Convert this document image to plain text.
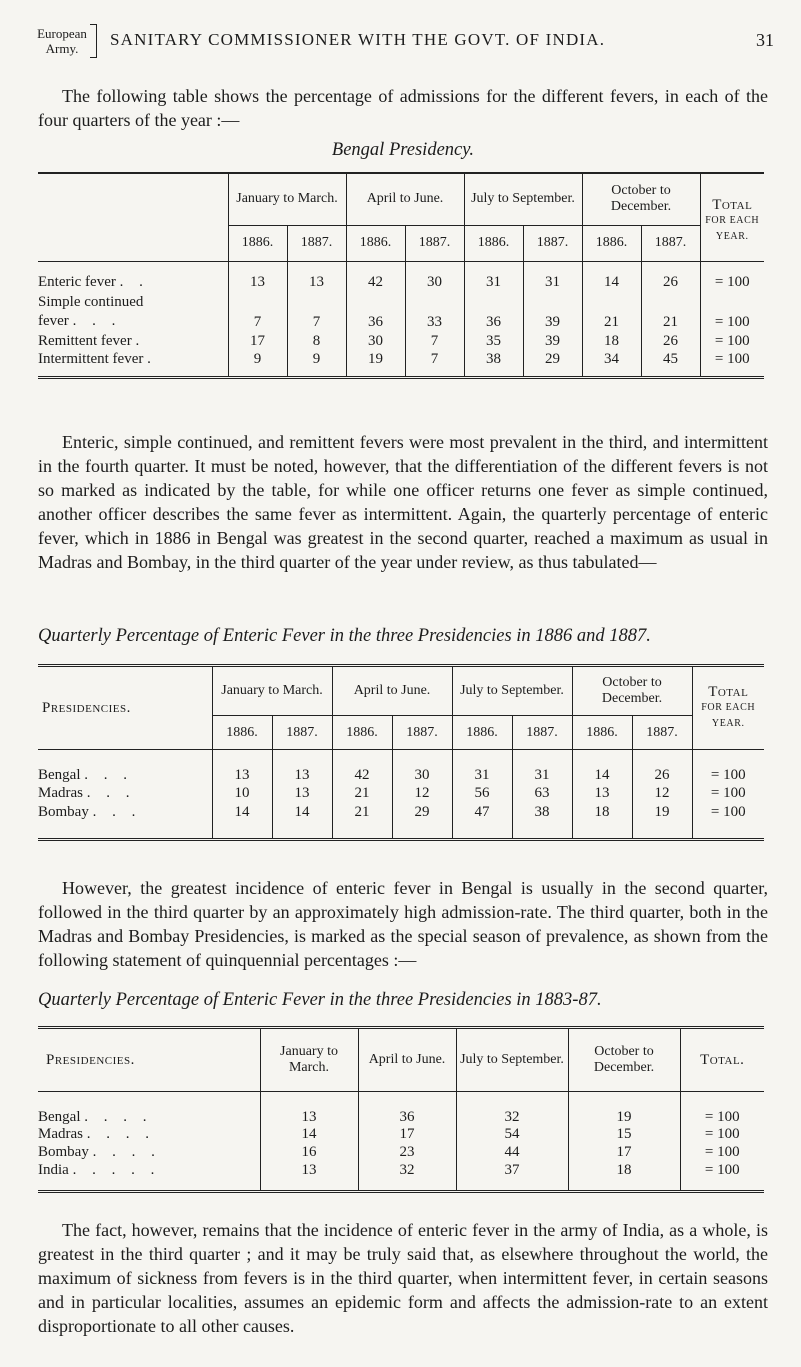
European
Army.	SANITARY COMMISSIONER WITH THE GOVT. OF INDIA.	31

The following table shows the percentage of admissions for the different fevers, in each of the four quarters of the year :—

Bengal Presidency.
	January to March.		April to June.		July to September.		October to December.		Total
FOR EACH YEAR.
	1886.	1887.	1886.	1887.	1886.	1887.	1886.	1887.	
Enteric fever . .	13	13	42	30	31	31	14	26	= 100
Simple continued
fever . . .	7	7	36	33	36	39	21	21	= 100
Remittent fever .	17	8	30	7	35	39	18	26	= 100
Intermittent fever .	9	9	19	7	38	29	34	45	= 100

Enteric, simple continued, and remittent fevers were most prevalent in the third, and intermittent in the fourth quarter. It must be noted, however, that the differentiation of the different fevers is not so marked as indicated by the table, for while one officer returns one fever as simple continued, another officer describes the same fever as intermittent. Again, the quarterly percentage of enteric fever, which in 1886 in Bengal was greatest in the second quarter, reached a maximum as usual in Madras and Bombay, in the third quarter of the year under review, as thus tabulated—

Quarterly Percentage of Enteric Fever in the three Presidencies in 1886 and 1887.
Presidencies.	January to March.		April to June.		July to September.		October to December.		Total
FOR EACH YEAR.
	1886.	1887.	1886.	1887.	1886.	1887.	1886.	1887.	
Bengal . . .	13	13	42	30	31	31	14	26	= 100
Madras . . .	10	13	21	12	56	63	13	12	= 100
Bombay . . .	14	14	21	29	47	38	18	19	= 100

However, the greatest incidence of enteric fever in Bengal is usually in the second quarter, followed in the third quarter by an approximately high admission-rate. The third quarter, both in the Madras and Bombay Presidencies, is marked as the special season of prevalence, as shown from the following statement of quinquennial percentages :—

Quarterly Percentage of Enteric Fever in the three Presidencies in 1883-87.
Presidencies.	January to March.	April to June.	July to September.	October to December.	Total.
Bengal . . . .	13	36	32	19	= 100
Madras . . . .	14	17	54	15	= 100
Bombay . . . .	16	23	44	17	= 100
India . . . . .	13	32	37	18	= 100

The fact, however, remains that the incidence of enteric fever in the army of India, as a whole, is greatest in the third quarter ; and it may be truly said that, as elsewhere throughout the world, the maximum of sickness from fevers is in the third quarter, when intermittent fever, in certain seasons and in particular localities, assumes an epidemic form and affects the admission-rate to an extent disproportionate to all other causes.
